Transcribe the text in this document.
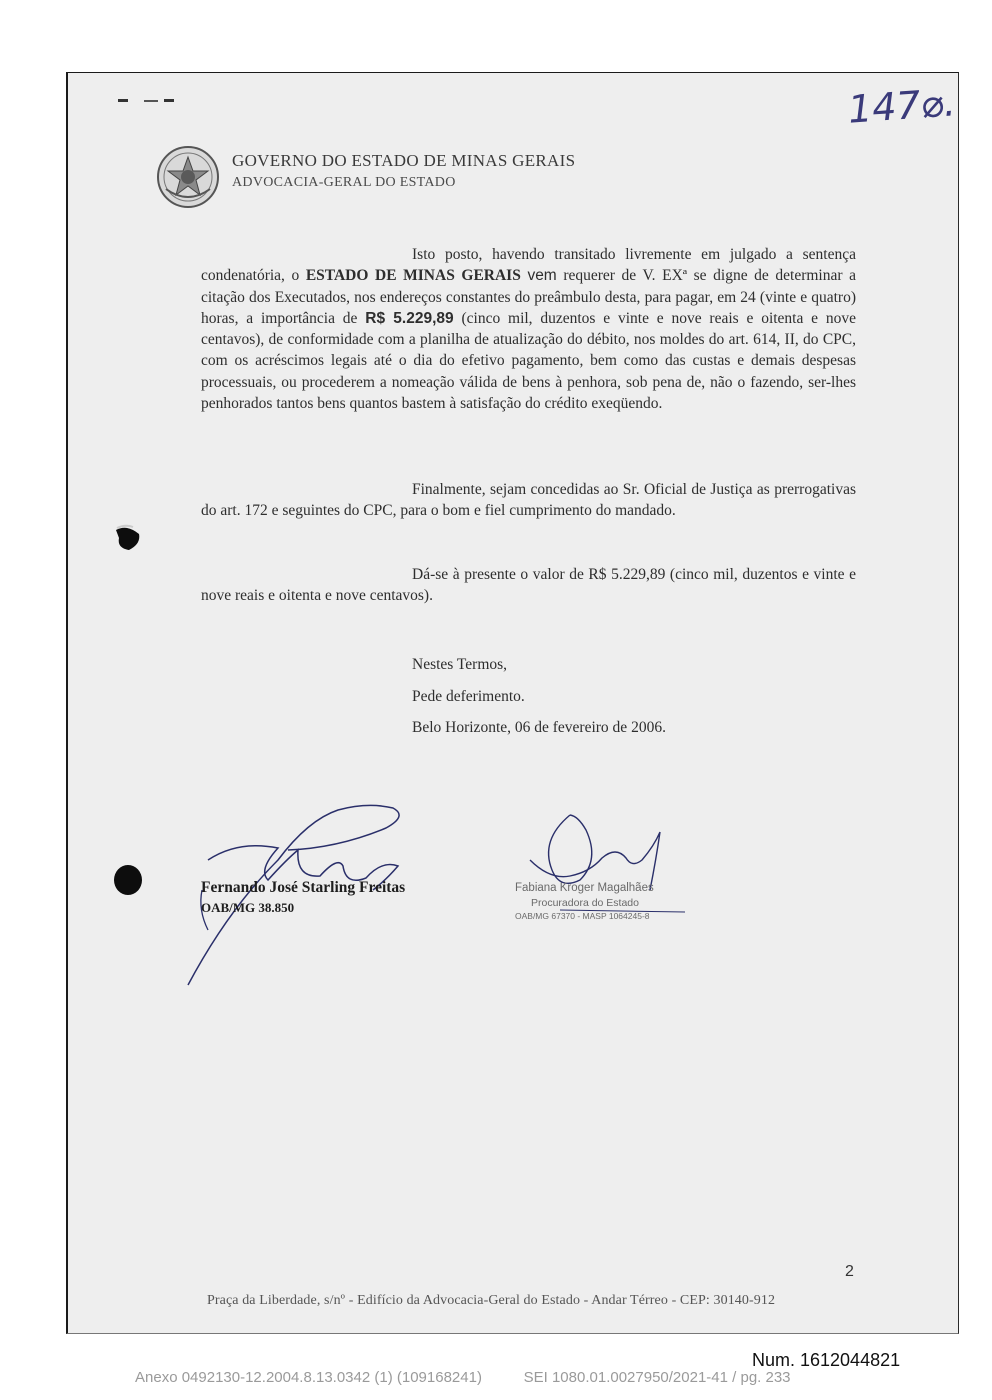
147⌀.
GOVERNO DO ESTADO DE MINAS GERAIS
ADVOCACIA-GERAL DO ESTADO
Isto posto, havendo transitado livremente em julgado a sentença condenatória, o ESTADO DE MINAS GERAIS vem requerer de V. EXª se digne de determinar a citação dos Executados, nos endereços constantes do preâmbulo desta, para pagar, em 24 (vinte e quatro) horas, a importância de R$ 5.229,89 (cinco mil, duzentos e vinte e nove reais e oitenta e nove centavos), de conformidade com a planilha de atualização do débito, nos moldes do art. 614, II, do CPC, com os acréscimos legais até o dia do efetivo pagamento, bem como das custas e demais despesas processuais, ou procederem a nomeação válida de bens à penhora, sob pena de, não o fazendo, ser-lhes penhorados tantos bens quantos bastem à satisfação do crédito exeqüendo.
Finalmente, sejam concedidas ao Sr. Oficial de Justiça as prerrogativas do art. 172 e seguintes do CPC, para o bom e fiel cumprimento do mandado.
Dá-se à presente o valor de R$ 5.229,89 (cinco mil, duzentos e vinte e nove reais e oitenta e nove centavos).
Nestes Termos,
Pede deferimento.
Belo Horizonte, 06 de fevereiro de 2006.
Fernando José Starling Freitas
OAB/MG 38.850
Fabiana Kroger Magalhães
Procuradora do Estado
OAB/MG 67370 - MASP 1064245-8
2
Praça da Liberdade, s/nº - Edifício da Advocacia-Geral do Estado - Andar Térreo - CEP: 30140-912
Num. 1612044821
Anexo 0492130-12.2004.8.13.0342 (1) (109168241)          SEI 1080.01.0027950/2021-41 / pg. 233
